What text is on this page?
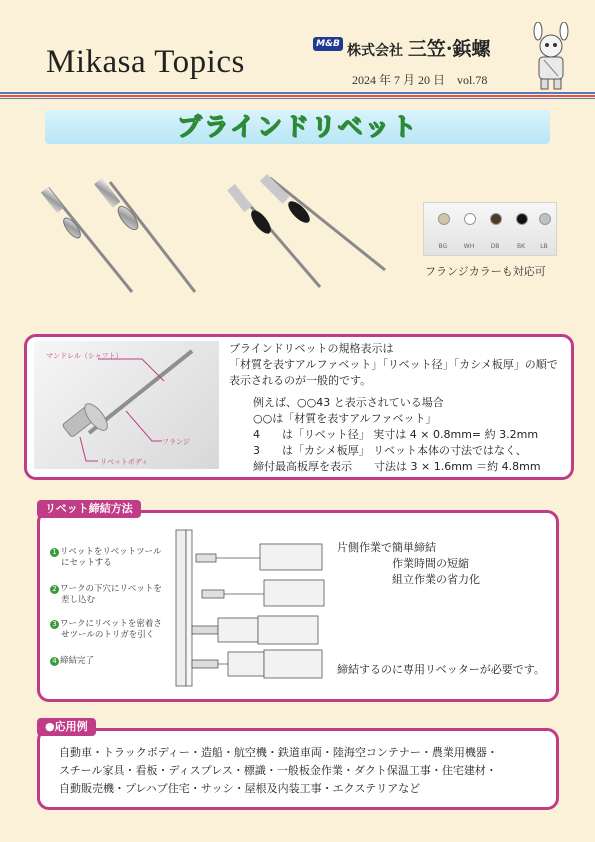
Mikasa Topics	M&B 株式会社 三笠·鋲螺
2024 年 7 月 20 日　vol.78
ブラインドリベット
BG	WH	DB	BK	LB
フランジカラーも対応可
マンドレル（シャフト）
フランジ
リベットボディ
ブラインドリベットの規格表示は
「材質を表すアルファベット」「リベット径」「カシメ板厚」の順で
表示されるのが一般的です。
例えば、○○43 と表示されている場合
○○は「材質を表すアルファベット」
4　　は「リベット径」 実寸は 4 × 0.8mm= 約 3.2mm
3　　は「カシメ板厚」 リベット本体の寸法ではなく、
締付最高板厚を表示　　寸法は 3 × 1.6mm ＝約 4.8mm
リベット締結方法
1 リベットをリベットツール
にセットする
2 ワークの下穴にリベットを
差し込む
3 ワークにリベットを密着さ
せツールのトリガを引く
4 締結完了
片側作業で簡単締結
作業時間の短縮
組立作業の省力化
締結するのに専用リベッターが必要です。
●応用例
自動車・トラックボディー・造船・航空機・鉄道車両・陸海空コンテナー・農業用機器・
スチール家具・看板・ディスプレス・標識・一般板金作業・ダクト保温工事・住宅建材・
自動販売機・プレハブ住宅・サッシ・屋根及内装工事・エクステリアなど
